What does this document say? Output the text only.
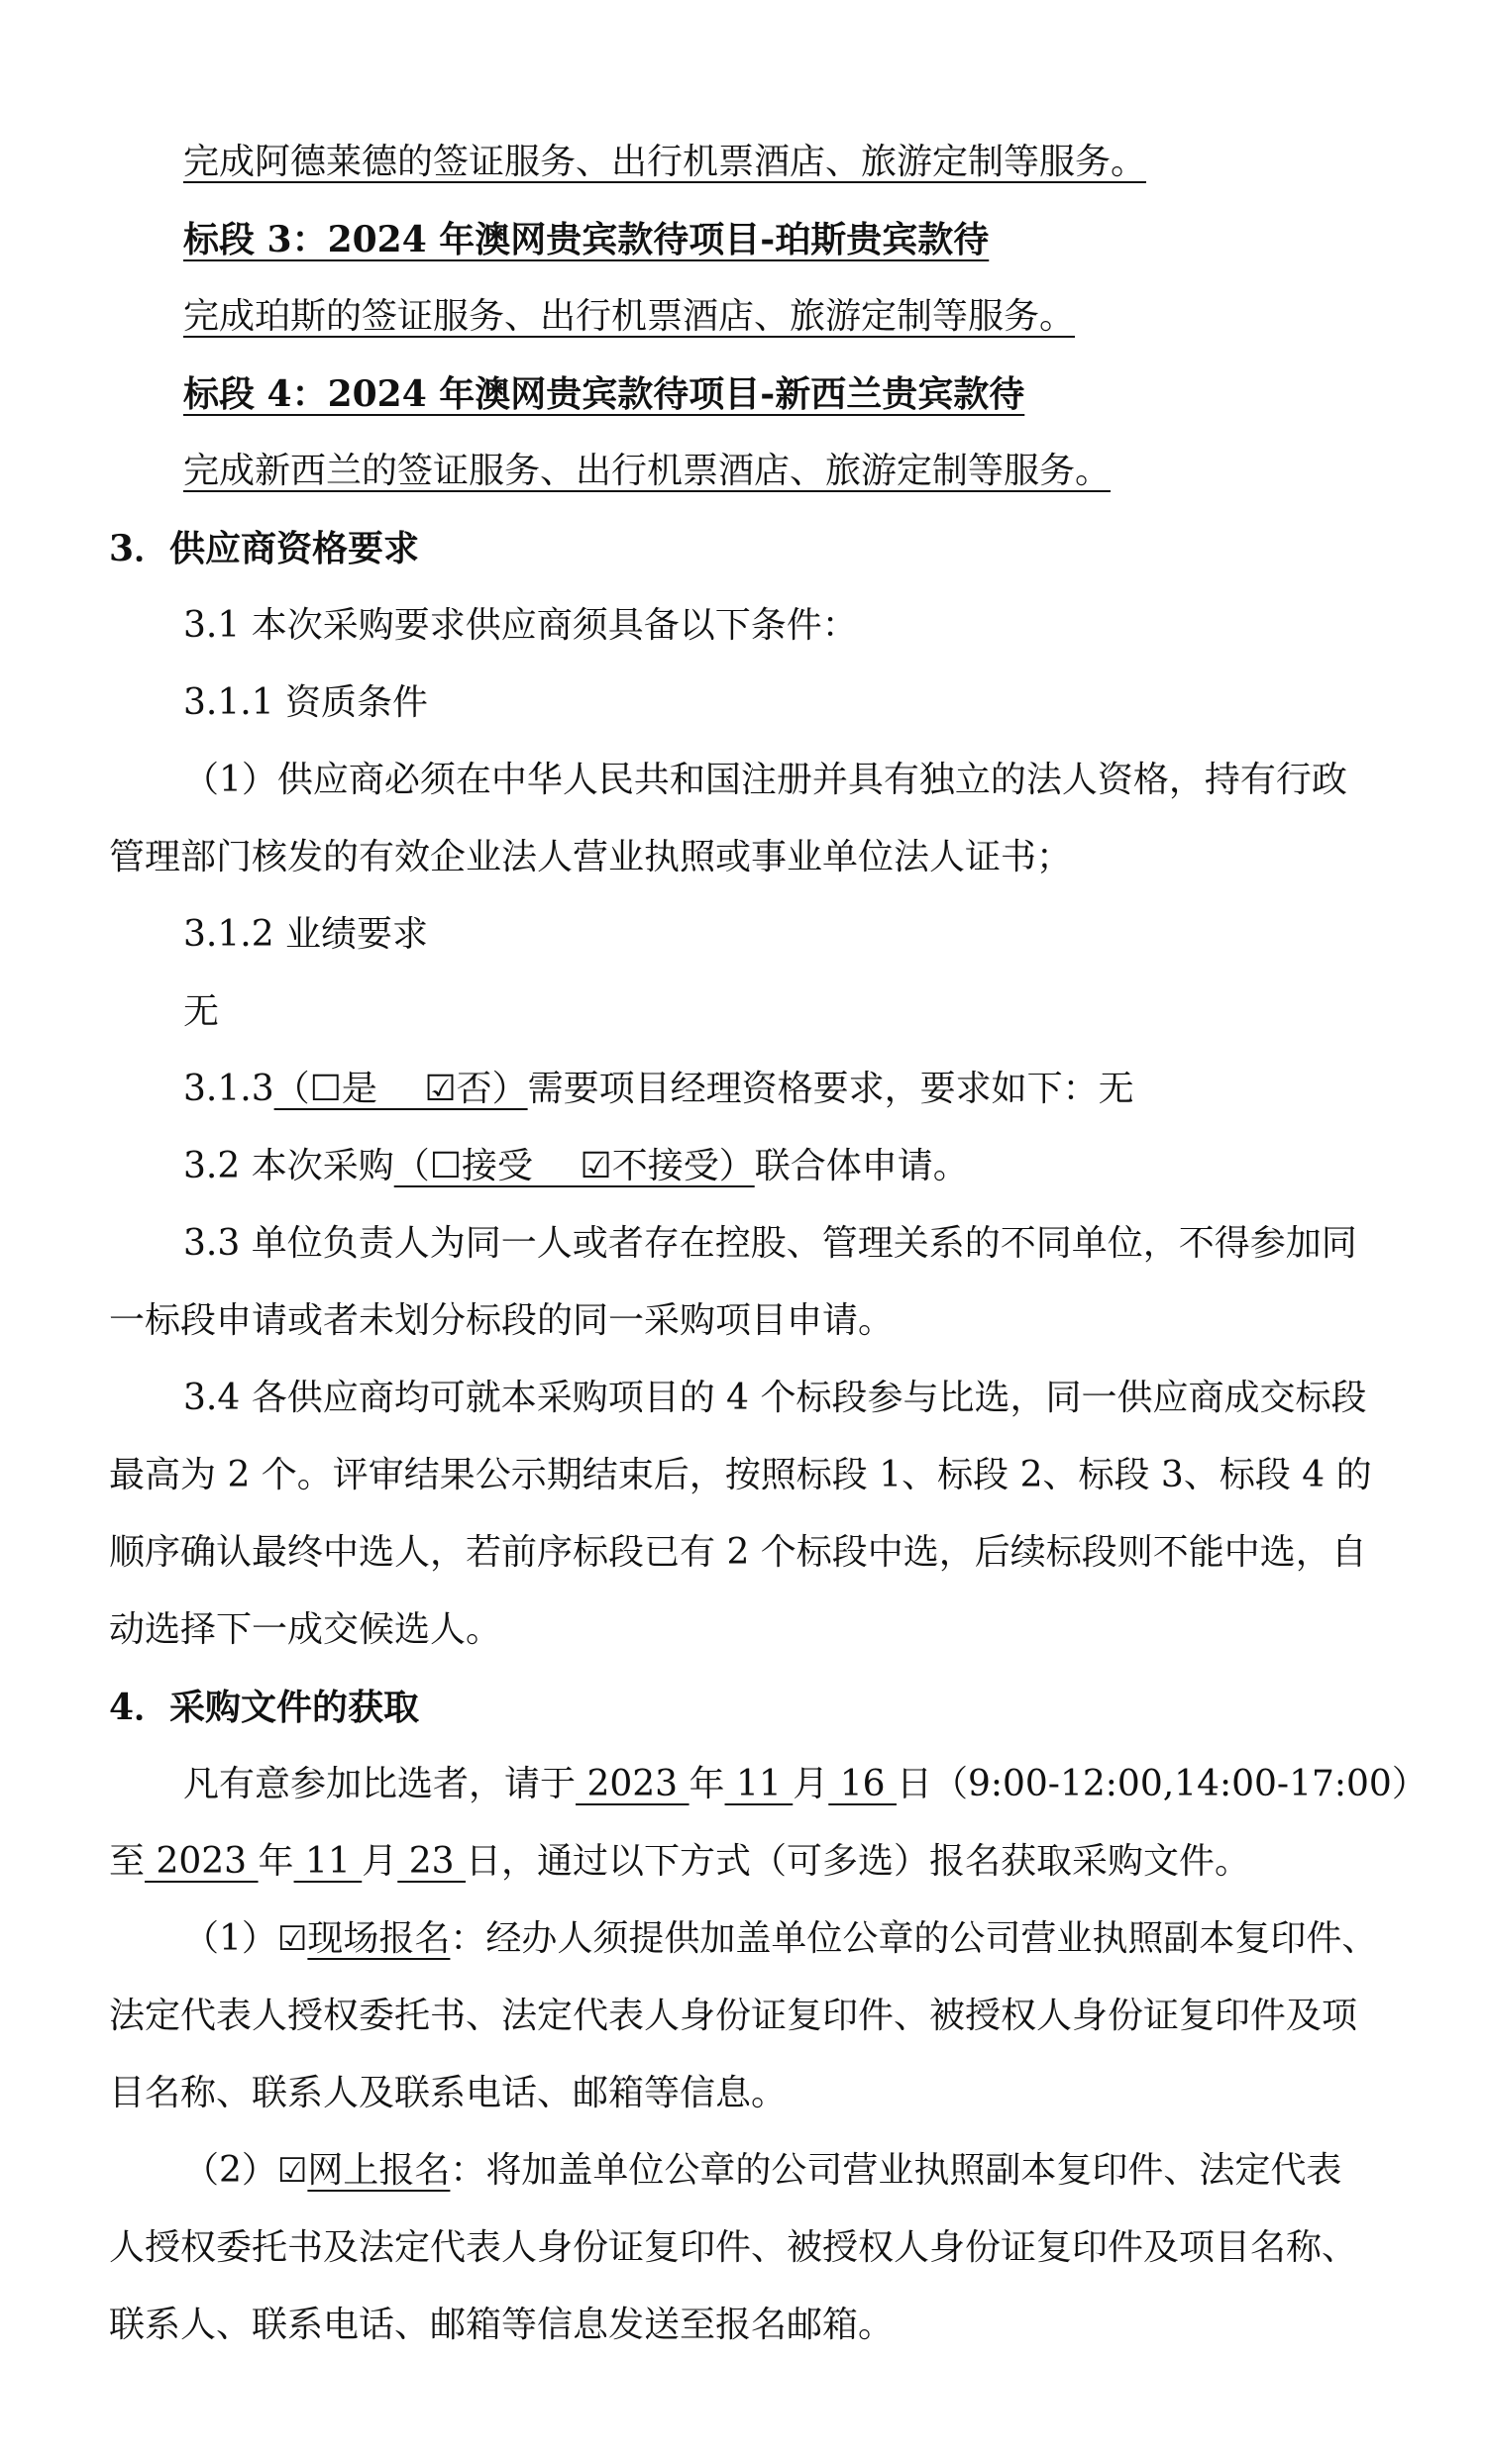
完成阿德莱德的签证服务、出行机票酒店、旅游定制等服务。
标段 3：2024 年澳网贵宾款待项目-珀斯贵宾款待
完成珀斯的签证服务、出行机票酒店、旅游定制等服务。
标段 4：2024 年澳网贵宾款待项目-新西兰贵宾款待
完成新西兰的签证服务、出行机票酒店、旅游定制等服务。
3．供应商资格要求
3.1 本次采购要求供应商须具备以下条件：
3.1.1 资质条件
（1）供应商必须在中华人民共和国注册并具有独立的法人资格，持有行政
管理部门核发的有效企业法人营业执照或事业单位法人证书；
3.1.2 业绩要求
无
3.1.3（☐是 　☑否）需要项目经理资格要求，要求如下：无
3.2 本次采购（☐接受 　☑不接受）联合体申请。
3.3 单位负责人为同一人或者存在控股、管理关系的不同单位，不得参加同
一标段申请或者未划分标段的同一采购项目申请。
3.4 各供应商均可就本采购项目的 4 个标段参与比选，同一供应商成交标段
最高为 2 个。评审结果公示期结束后，按照标段 1、标段 2、标段 3、标段 4 的
顺序确认最终中选人，若前序标段已有 2 个标段中选，后续标段则不能中选，自
动选择下一成交候选人。
4．采购文件的获取
凡有意参加比选者，请于 2023 年 11 月 16 日（9:00-12:00,14:00-17:00）
至 2023 年 11 月 23 日，通过以下方式（可多选）报名获取采购文件。
（1）☑现场报名：经办人须提供加盖单位公章的公司营业执照副本复印件、
法定代表人授权委托书、法定代表人身份证复印件、被授权人身份证复印件及项
目名称、联系人及联系电话、邮箱等信息。
（2）☑网上报名：将加盖单位公章的公司营业执照副本复印件、法定代表
人授权委托书及法定代表人身份证复印件、被授权人身份证复印件及项目名称、
联系人、联系电话、邮箱等信息发送至报名邮箱。
